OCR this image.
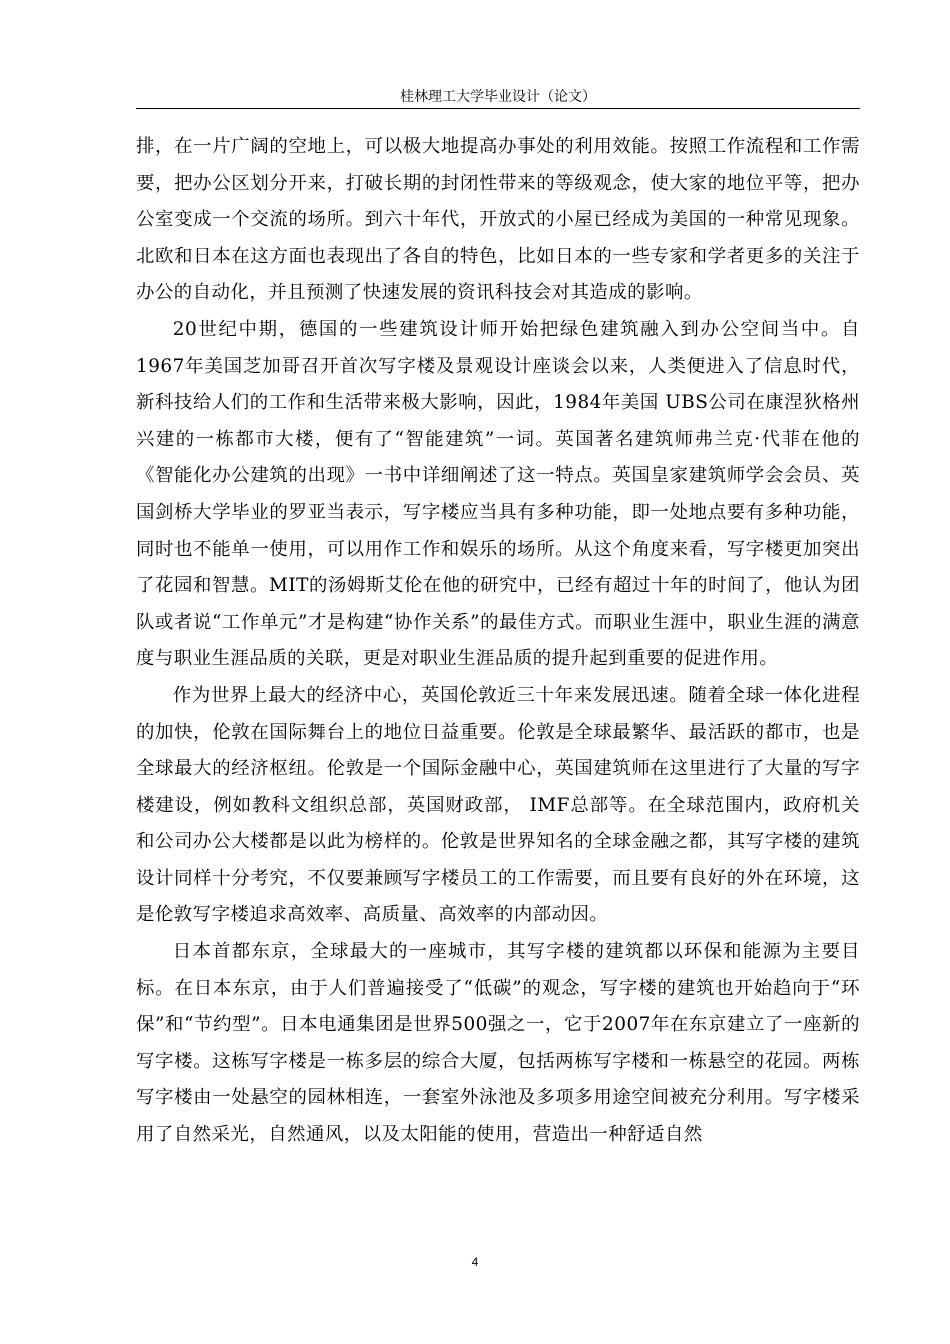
桂林理工大学毕业设计（论文）

排，在一片广阔的空地上，可以极大地提高办事处的利用效能。按照工作流程和工作需要，把办公区划分开来，打破长期的封闭性带来的等级观念，使大家的地位平等，把办公室变成一个交流的场所。到六十年代，开放式的小屋已经成为美国的一种常见现象。北欧和日本在这方面也表现出了各自的特色，比如日本的一些专家和学者更多的关注于办公的自动化，并且预测了快速发展的资讯科技会对其造成的影响。

20世纪中期，德国的一些建筑设计师开始把绿色建筑融入到办公空间当中。自1967年美国芝加哥召开首次写字楼及景观设计座谈会以来，人类便进入了信息时代，新科技给人们的工作和生活带来极大影响，因此，1984年美国 UBS公司在康涅狄格州兴建的一栋都市大楼，便有了“智能建筑”一词。英国著名建筑师弗兰克·代菲在他的《智能化办公建筑的出现》一书中详细阐述了这一特点。英国皇家建筑师学会会员、英国剑桥大学毕业的罗亚当表示，写字楼应当具有多种功能，即一处地点要有多种功能，同时也不能单一使用，可以用作工作和娱乐的场所。从这个角度来看，写字楼更加突出了花园和智慧。MIT的汤姆斯艾伦在他的研究中，已经有超过十年的时间了，他认为团队或者说“工作单元”才是构建“协作关系”的最佳方式。而职业生涯中，职业生涯的满意度与职业生涯品质的关联，更是对职业生涯品质的提升起到重要的促进作用。

作为世界上最大的经济中心，英国伦敦近三十年来发展迅速。随着全球一体化进程的加快，伦敦在国际舞台上的地位日益重要。伦敦是全球最繁华、最活跃的都市，也是全球最大的经济枢纽。伦敦是一个国际金融中心，英国建筑师在这里进行了大量的写字楼建设，例如教科文组织总部，英国财政部， IMF总部等。在全球范围内，政府机关和公司办公大楼都是以此为榜样的。伦敦是世界知名的全球金融之都，其写字楼的建筑设计同样十分考究，不仅要兼顾写字楼员工的工作需要，而且要有良好的外在环境，这是伦敦写字楼追求高效率、高质量、高效率的内部动因。

日本首都东京，全球最大的一座城市，其写字楼的建筑都以环保和能源为主要目标。在日本东京，由于人们普遍接受了“低碳”的观念，写字楼的建筑也开始趋向于“环保”和“节约型”。日本电通集团是世界500强之一，它于2007年在东京建立了一座新的写字楼。这栋写字楼是一栋多层的综合大厦，包括两栋写字楼和一栋悬空的花园。两栋写字楼由一处悬空的园林相连，一套室外泳池及多项多用途空间被充分利用。写字楼采用了自然采光，自然通风，以及太阳能的使用，营造出一种舒适自然

4
